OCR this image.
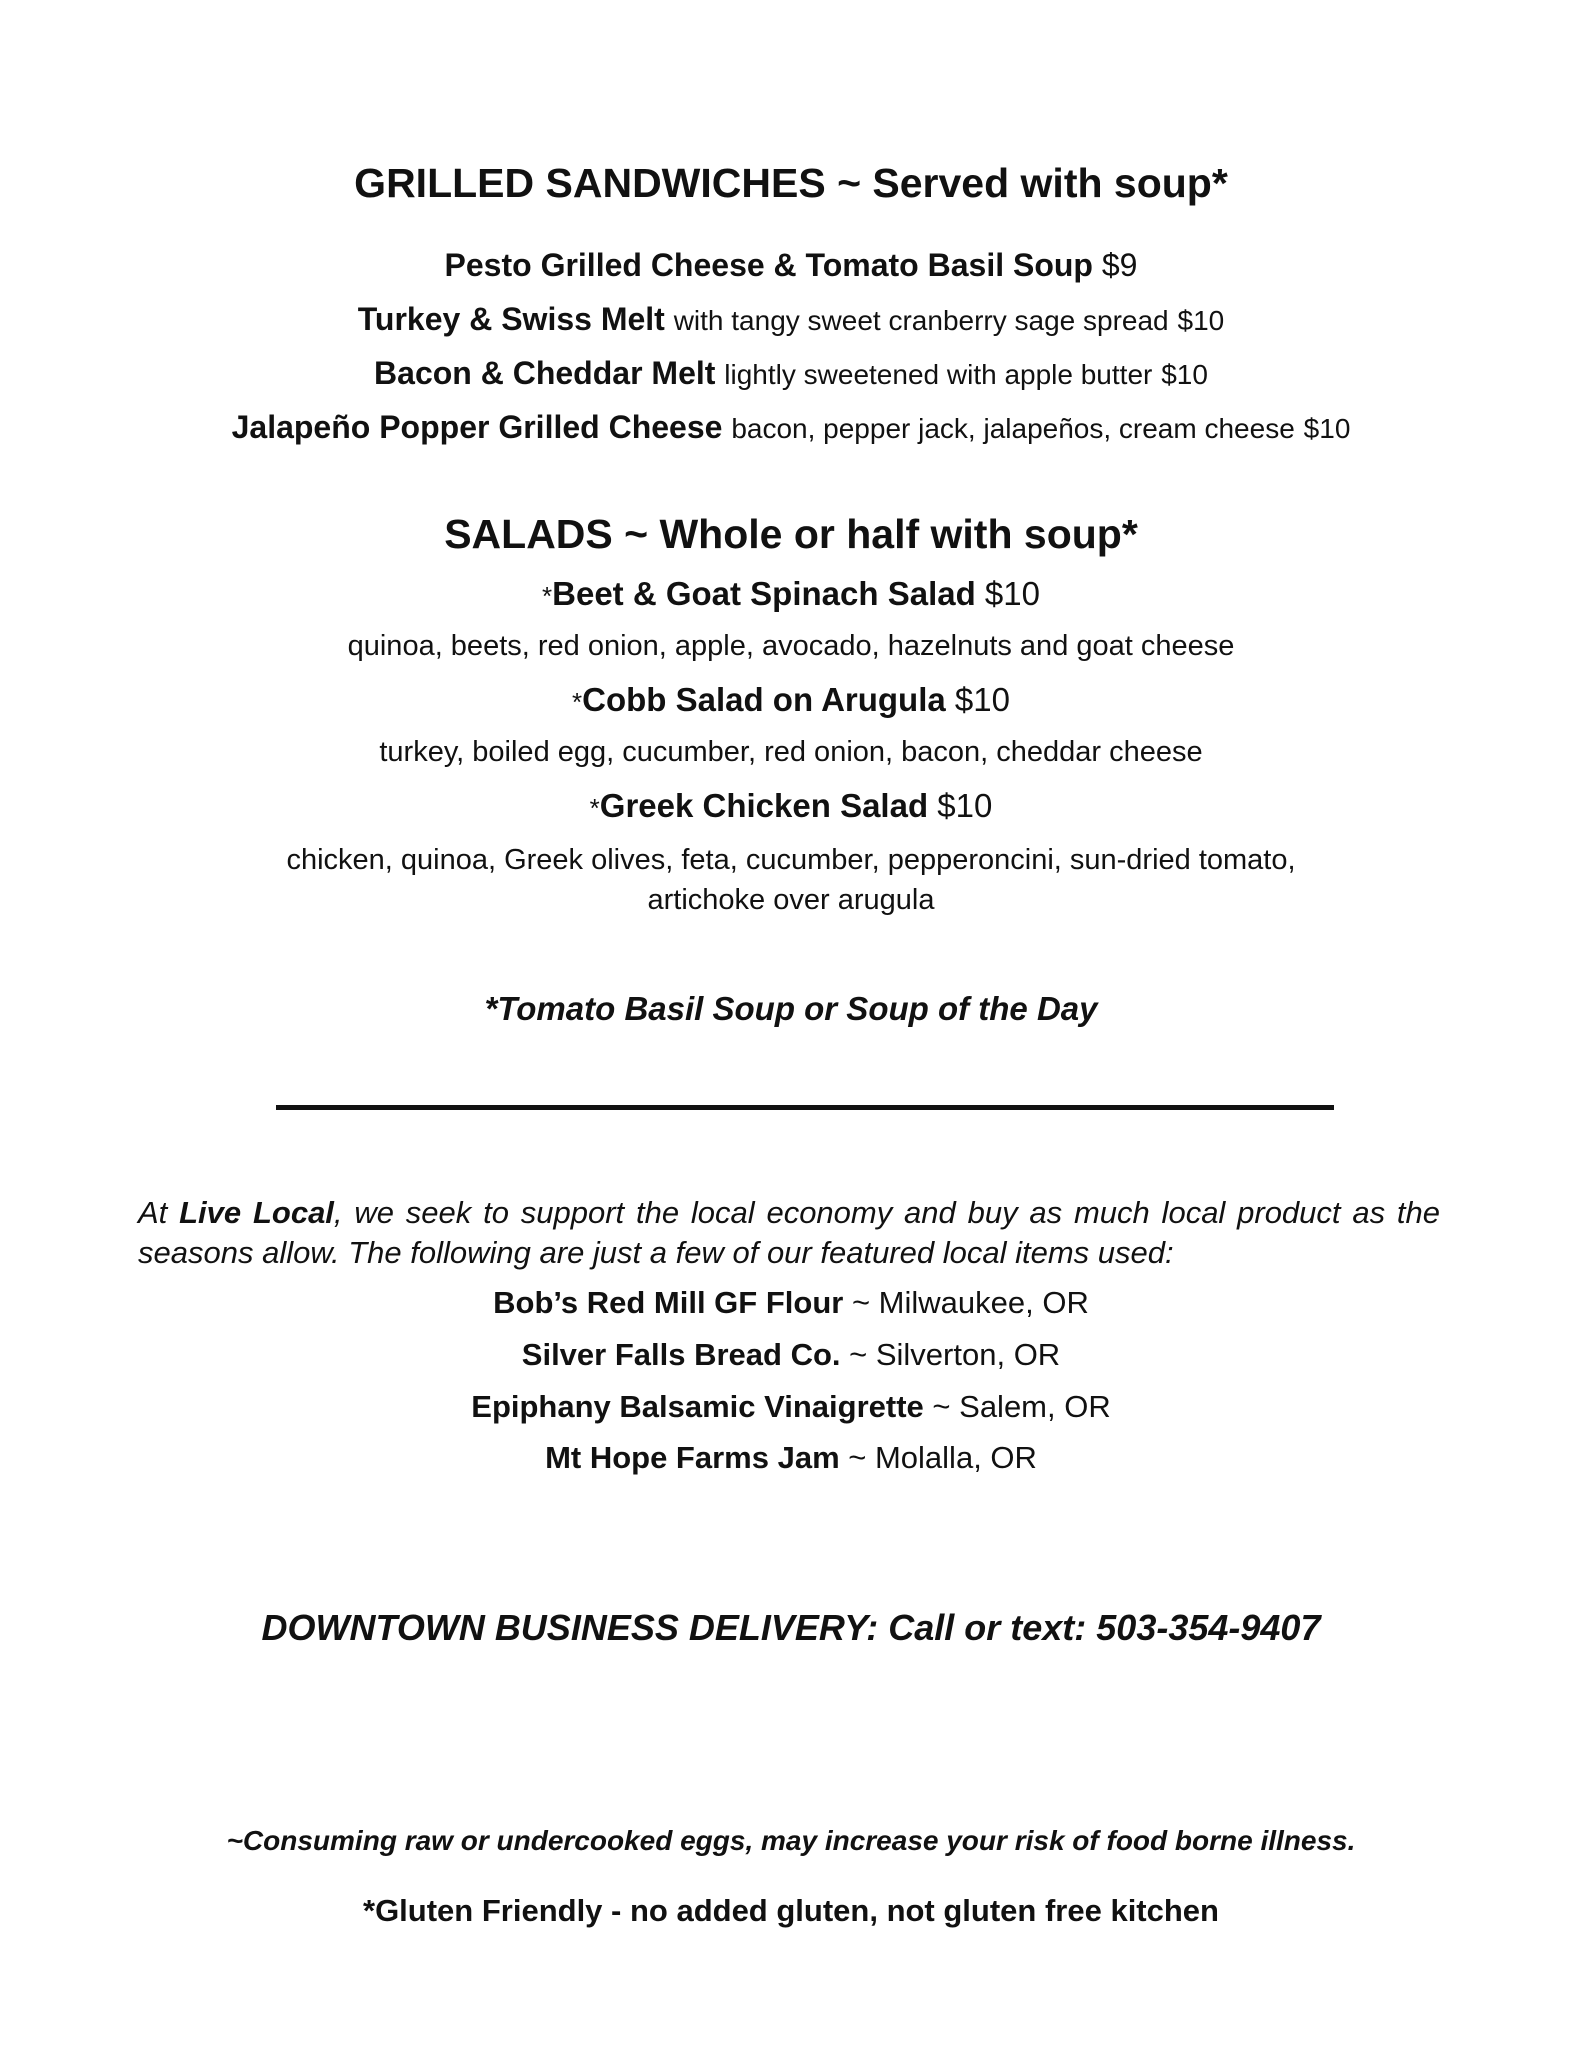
GRILLED SANDWICHES ~ Served with soup*
Pesto Grilled Cheese & Tomato Basil Soup $9
Turkey & Swiss Melt with tangy sweet cranberry sage spread $10
Bacon & Cheddar Melt lightly sweetened with apple butter $10
Jalapeño Popper Grilled Cheese bacon, pepper jack, jalapeños, cream cheese $10
SALADS ~ Whole or half with soup*
*Beet & Goat Spinach Salad $10
quinoa, beets, red onion, apple, avocado, hazelnuts and goat cheese
*Cobb Salad on Arugula $10
turkey, boiled egg, cucumber, red onion, bacon, cheddar cheese
*Greek Chicken Salad $10
chicken, quinoa, Greek olives, feta, cucumber, pepperoncini, sun-dried tomato,
artichoke over arugula
*Tomato Basil Soup or Soup of the Day
At Live Local, we seek to support the local economy and buy as much local product as the seasons allow. The following are just a few of our featured local items used:
Bob’s Red Mill GF Flour ~ Milwaukee, OR
Silver Falls Bread Co. ~ Silverton, OR
Epiphany Balsamic Vinaigrette ~ Salem, OR
Mt Hope Farms Jam ~ Molalla, OR
DOWNTOWN BUSINESS DELIVERY: Call or text: 503-354-9407
~Consuming raw or undercooked eggs, may increase your risk of food borne illness.
*Gluten Friendly - no added gluten, not gluten free kitchen
